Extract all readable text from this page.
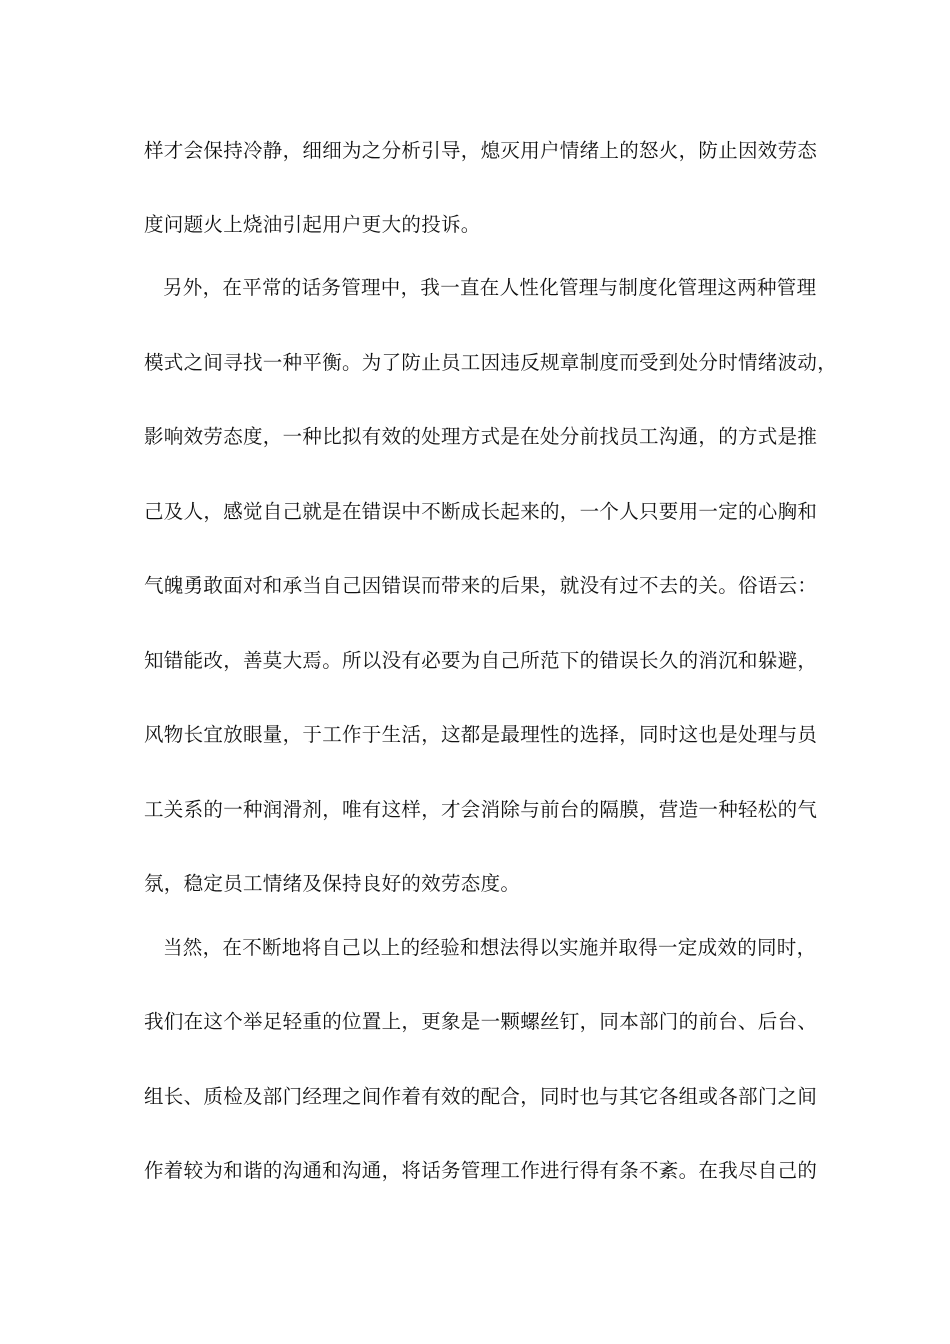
样才会保持冷静，细细为之分析引导，熄灭用户情绪上的怒火，防止因效劳态
度问题火上烧油引起用户更大的投诉。
另外，在平常的话务管理中，我一直在人性化管理与制度化管理这两种管理
模式之间寻找一种平衡。为了防止员工因违反规章制度而受到处分时情绪波动，
影响效劳态度，一种比拟有效的处理方式是在处分前找员工沟通，的方式是推
己及人，感觉自己就是在错误中不断成长起来的，一个人只要用一定的心胸和
气魄勇敢面对和承当自己因错误而带来的后果，就没有过不去的关。俗语云：
知错能改，善莫大焉。所以没有必要为自己所范下的错误长久的消沉和躲避，
风物长宜放眼量，于工作于生活，这都是最理性的选择，同时这也是处理与员
工关系的一种润滑剂，唯有这样，才会消除与前台的隔膜，营造一种轻松的气
氛，稳定员工情绪及保持良好的效劳态度。
当然，在不断地将自己以上的经验和想法得以实施并取得一定成效的同时，
我们在这个举足轻重的位置上，更象是一颗螺丝钉，同本部门的前台、后台、
组长、质检及部门经理之间作着有效的配合，同时也与其它各组或各部门之间
作着较为和谐的沟通和沟通，将话务管理工作进行得有条不紊。在我尽自己的
